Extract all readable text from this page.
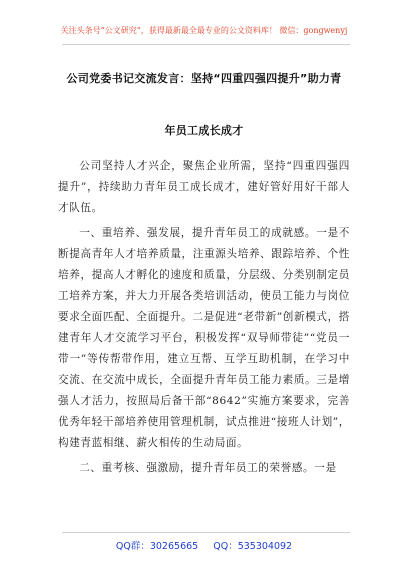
关注头条号“公文研究”，获得最新最全最专业的公文资料库！ 微信：gongwenyj
公司党委书记交流发言：坚持“四重四强四提升”助力青
年员工成长成才

公司坚持人才兴企，聚焦企业所需，坚持“四重四强四提升”，持续助力青年员工成长成才，建好管好用好干部人才队伍。

一、重培养、强发展，提升青年员工的成就感。一是不断提高青年人才培养质量，注重源头培养、跟踪培养、个性培养，提高人才孵化的速度和质量，分层级、分类别制定员工培养方案，并大力开展各类培训活动，使员工能力与岗位要求全面匹配、全面提升。二是促进“老带新”创新模式，搭建青年人才交流学习平台，积极发挥“双导师带徒”“党员一带一”等传帮带作用，建立互帮、互学互助机制，在学习中交流、在交流中成长，全面提升青年员工能力素质。三是增强人才活力，按照局后备干部“8642”实施方案要求，完善优秀年轻干部培养使用管理机制，试点推进“接班人计划”，构建青蓝相继、薪火相传的生动局面。

二、重考核、强激励，提升青年员工的荣誉感。一是

QQ群：30265665 QQ：535304092
